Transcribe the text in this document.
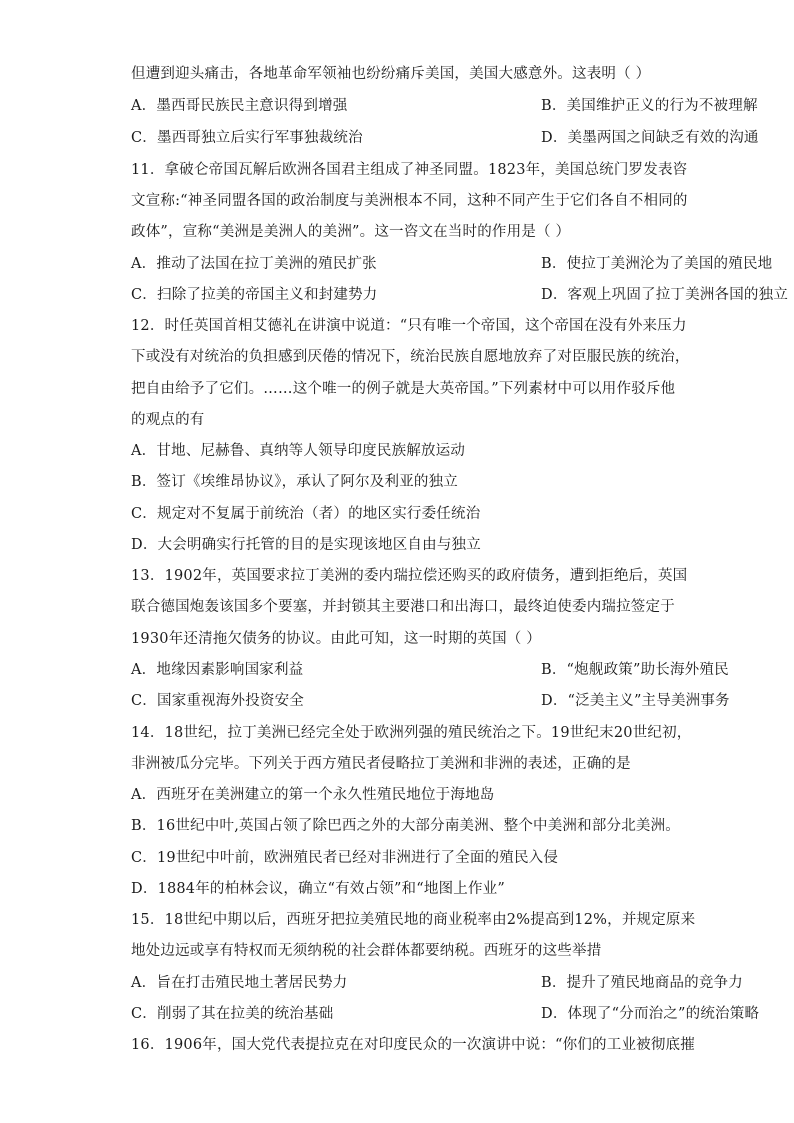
但遭到迎头痛击，各地革命军领袖也纷纷痛斥美国，美国大感意外。这表明（ ）
A．墨西哥民族民主意识得到增强	B．美国维护正义的行为不被理解
C．墨西哥独立后实行军事独裁统治	D．美墨两国之间缺乏有效的沟通
11．拿破仑帝国瓦解后欧洲各国君主组成了神圣同盟。1823年，美国总统门罗发表咨
文宣称:“神圣同盟各国的政治制度与美洲根本不同，这种不同产生于它们各自不相同的
政体”，宣称“美洲是美洲人的美洲”。这一咨文在当时的作用是（ ）
A．推动了法国在拉丁美洲的殖民扩张	B．使拉丁美洲沦为了美国的殖民地
C．扫除了拉美的帝国主义和封建势力	D．客观上巩固了拉丁美洲各国的独立
12．时任英国首相艾德礼在讲演中说道：“只有唯一个帝国，这个帝国在没有外来压力
下或没有对统治的负担感到厌倦的情况下，统治民族自愿地放弃了对臣服民族的统治，
把自由给予了它们。……这个唯一的例子就是大英帝国。”下列素材中可以用作驳斥他
的观点的有
A．甘地、尼赫鲁、真纳等人领导印度民族解放运动
B．签订《埃维昂协议》，承认了阿尔及利亚的独立
C．规定对不复属于前统治（者）的地区实行委任统治
D．大会明确实行托管的目的是实现该地区自由与独立
13．1902年，英国要求拉丁美洲的委内瑞拉偿还购买的政府债务，遭到拒绝后，英国
联合德国炮轰该国多个要塞，并封锁其主要港口和出海口，最终迫使委内瑞拉签定于
1930年还清拖欠债务的协议。由此可知，这一时期的英国（ ）
A．地缘因素影响国家利益	B．“炮舰政策”助长海外殖民
C．国家重视海外投资安全	D．“泛美主义”主导美洲事务
14．18世纪，拉丁美洲已经完全处于欧洲列强的殖民统治之下。19世纪末20世纪初，
非洲被瓜分完毕。下列关于西方殖民者侵略拉丁美洲和非洲的表述，正确的是
A．西班牙在美洲建立的第一个永久性殖民地位于海地岛
B．16世纪中叶,英国占领了除巴西之外的大部分南美洲、整个中美洲和部分北美洲。
C．19世纪中叶前，欧洲殖民者已经对非洲进行了全面的殖民入侵
D．1884年的柏林会议，确立“有效占领”和“地图上作业”
15．18世纪中期以后，西班牙把拉美殖民地的商业税率由2%提高到12%，并规定原来
地处边远或享有特权而无须纳税的社会群体都要纳税。西班牙的这些举措
A．旨在打击殖民地土著居民势力	B．提升了殖民地商品的竞争力
C．削弱了其在拉美的统治基础	D．体现了“分而治之”的统治策略
16．1906年，国大党代表提拉克在对印度民众的一次演讲中说：“你们的工业被彻底摧
